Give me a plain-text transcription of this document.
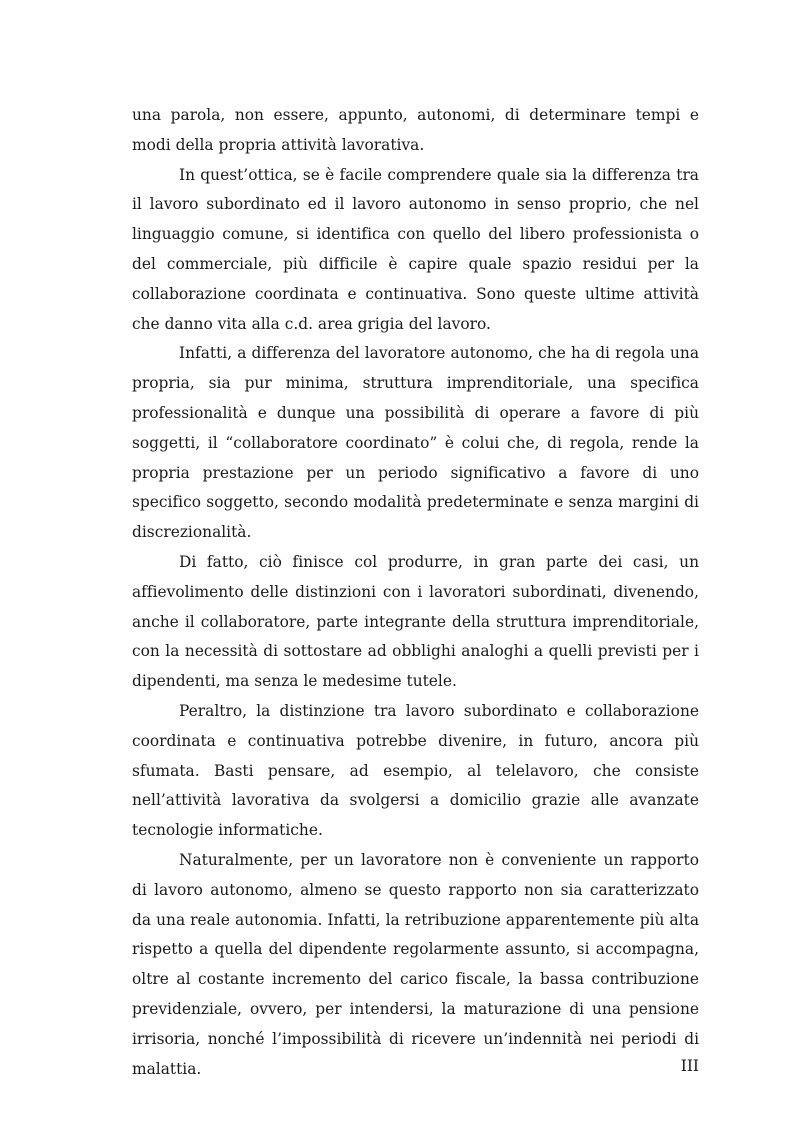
una parola, non essere, appunto, autonomi, di determinare tempi e modi della propria attività lavorativa.

In quest’ottica, se è facile comprendere quale sia la differenza tra il lavoro subordinato ed il lavoro autonomo in senso proprio, che nel linguaggio comune, si identifica con quello del libero professionista o del commerciale, più difficile è capire quale spazio residui per la collaborazione coordinata e continuativa. Sono queste ultime attività che danno vita alla c.d. area grigia del lavoro.

Infatti, a differenza del lavoratore autonomo, che ha di regola una propria, sia pur minima, struttura imprenditoriale, una specifica professionalità e dunque una possibilità di operare a favore di più soggetti, il “collaboratore coordinato” è colui che, di regola, rende la propria prestazione per un periodo significativo a favore di uno specifico soggetto, secondo modalità predeterminate e senza margini di discrezionalità.

Di fatto, ciò finisce col produrre, in gran parte dei casi, un affievolimento delle distinzioni con i lavoratori subordinati, divenendo, anche il collaboratore, parte integrante della struttura imprenditoriale, con la necessità di sottostare ad obblighi analoghi a quelli previsti per i dipendenti, ma senza le medesime tutele.

Peraltro, la distinzione tra lavoro subordinato e collaborazione coordinata e continuativa potrebbe divenire, in futuro, ancora più sfumata. Basti pensare, ad esempio, al telelavoro, che consiste nell’attività lavorativa da svolgersi a domicilio grazie alle avanzate tecnologie informatiche.

Naturalmente, per un lavoratore non è conveniente un rapporto di lavoro autonomo, almeno se questo rapporto non sia caratterizzato da una reale autonomia. Infatti, la retribuzione apparentemente più alta rispetto a quella del dipendente regolarmente assunto, si accompagna, oltre al costante incremento del carico fiscale, la bassa contribuzione previdenziale, ovvero, per intendersi, la maturazione di una pensione irrisoria, nonché l’impossibilità di ricevere un’indennità nei periodi di malattia.	III
